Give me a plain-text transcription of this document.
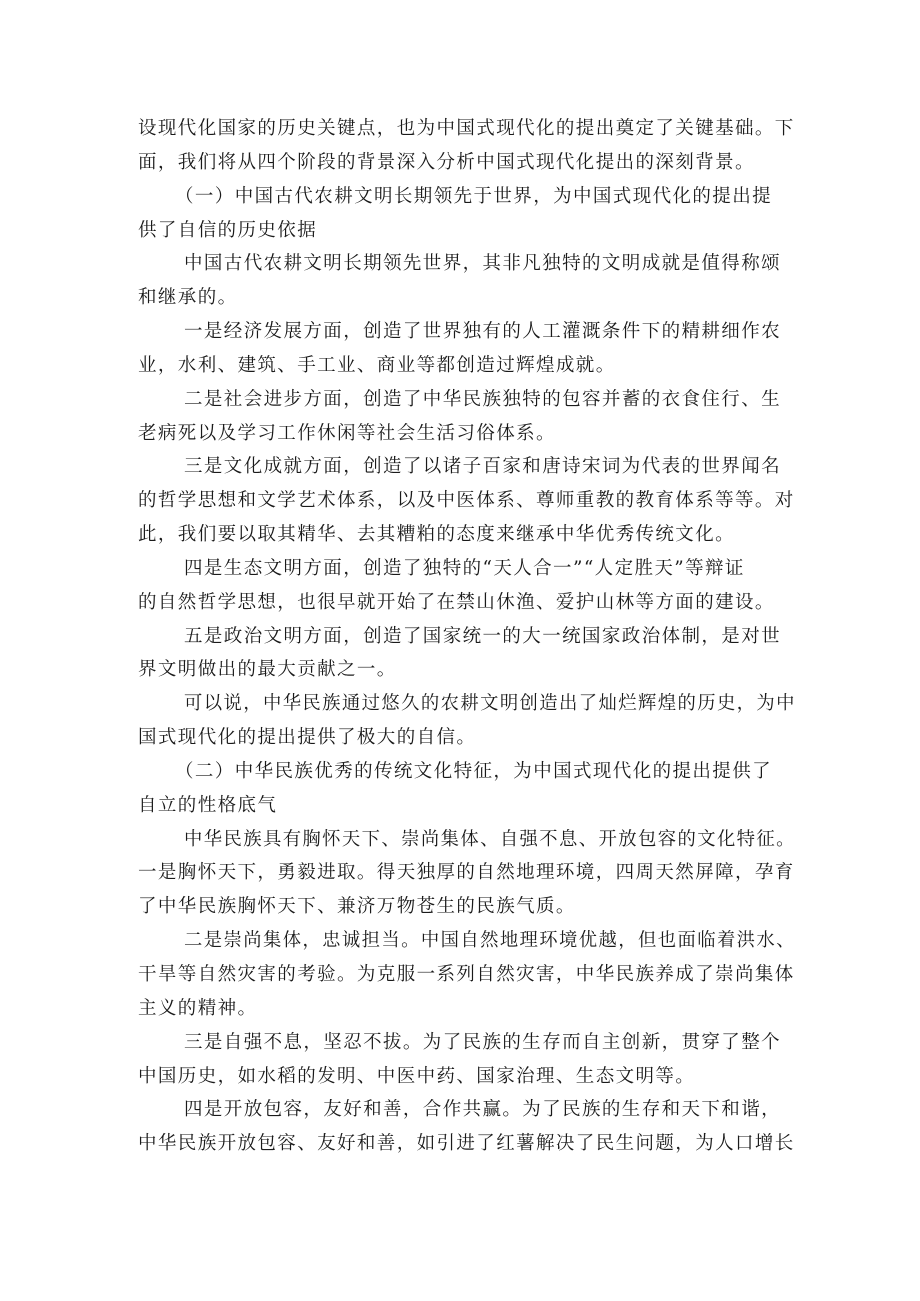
设现代化国家的历史关键点，也为中国式现代化的提出奠定了关键基础。下
面，我们将从四个阶段的背景深入分析中国式现代化提出的深刻背景。
（一）中国古代农耕文明长期领先于世界，为中国式现代化的提出提
供了自信的历史依据
中国古代农耕文明长期领先世界，其非凡独特的文明成就是值得称颂
和继承的。
一是经济发展方面，创造了世界独有的人工灌溉条件下的精耕细作农
业，水利、建筑、手工业、商业等都创造过辉煌成就。
二是社会进步方面，创造了中华民族独特的包容并蓄的衣食住行、生
老病死以及学习工作休闲等社会生活习俗体系。
三是文化成就方面，创造了以诸子百家和唐诗宋词为代表的世界闻名
的哲学思想和文学艺术体系，以及中医体系、尊师重教的教育体系等等。对
此，我们要以取其精华、去其糟粕的态度来继承中华优秀传统文化。
四是生态文明方面，创造了独特的“天人合一”“人定胜天”等辩证
的自然哲学思想，也很早就开始了在禁山休渔、爱护山林等方面的建设。
五是政治文明方面，创造了国家统一的大一统国家政治体制，是对世
界文明做出的最大贡献之一。
可以说，中华民族通过悠久的农耕文明创造出了灿烂辉煌的历史，为中
国式现代化的提出提供了极大的自信。
（二）中华民族优秀的传统文化特征，为中国式现代化的提出提供了
自立的性格底气
中华民族具有胸怀天下、崇尚集体、自强不息、开放包容的文化特征。
一是胸怀天下，勇毅进取。得天独厚的自然地理环境，四周天然屏障，孕育
了中华民族胸怀天下、兼济万物苍生的民族气质。
二是崇尚集体，忠诚担当。中国自然地理环境优越，但也面临着洪水、
干旱等自然灾害的考验。为克服一系列自然灾害，中华民族养成了崇尚集体
主义的精神。
三是自强不息，坚忍不拔。为了民族的生存而自主创新，贯穿了整个
中国历史，如水稻的发明、中医中药、国家治理、生态文明等。
四是开放包容，友好和善，合作共赢。为了民族的生存和天下和谐，
中华民族开放包容、友好和善，如引进了红薯解决了民生问题，为人口增长
